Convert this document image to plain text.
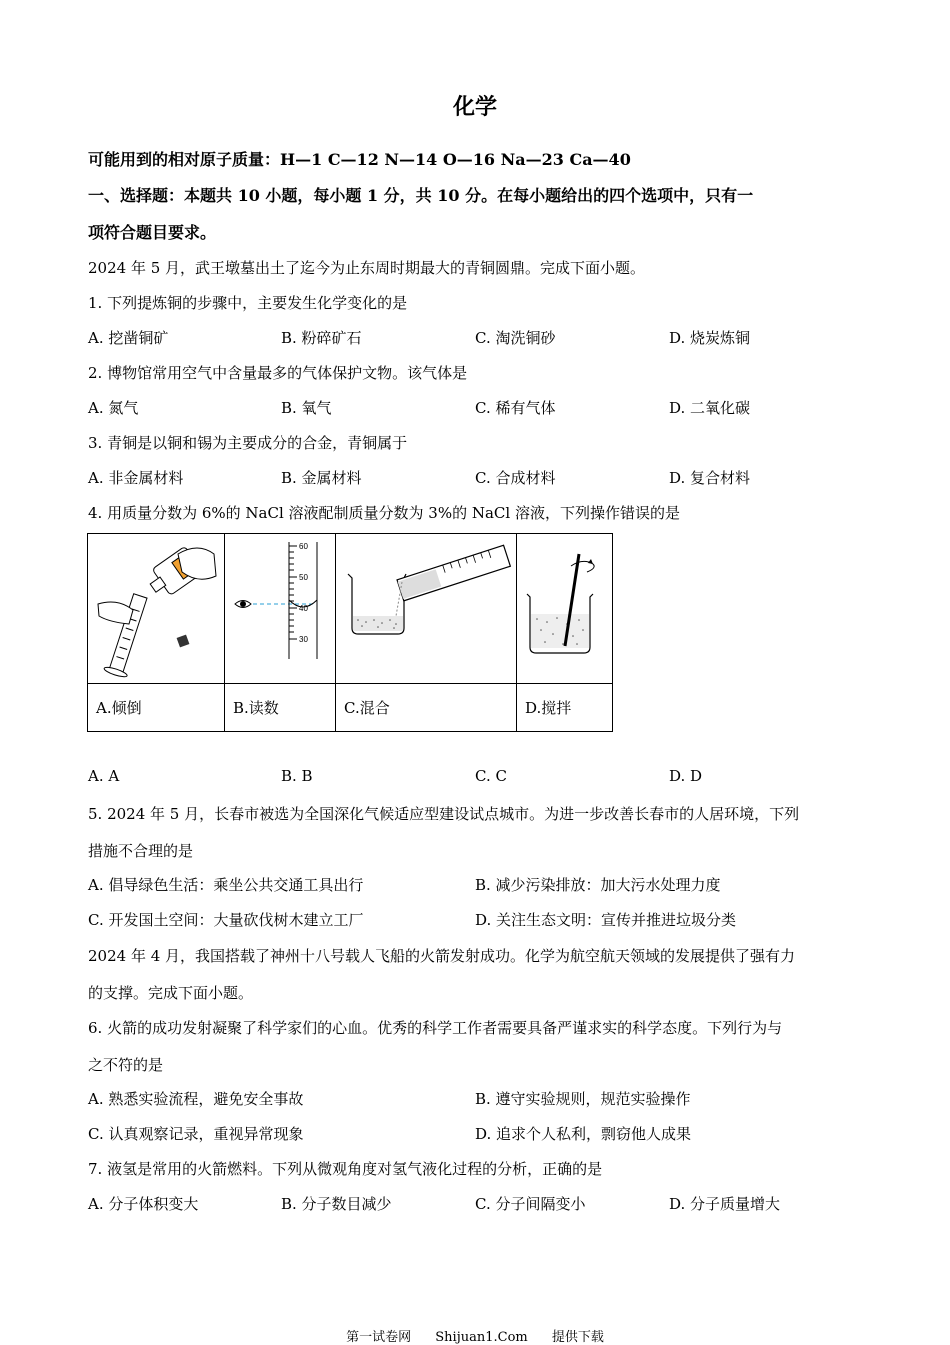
化学
可能用到的相对原子质量：H—1 C—12 N—14 O—16 Na—23 Ca—40
一、选择题：本题共 10 小题，每小题 1 分，共 10 分。在每小题给出的四个选项中，只有一
项符合题目要求。
2024 年 5 月，武王墩墓出土了迄今为止东周时期最大的青铜圆鼎。完成下面小题。
1. 下列提炼铜的步骤中，主要发生化学变化的是
A. 挖凿铜矿	B. 粉碎矿石	C. 淘洗铜砂	D. 烧炭炼铜
2. 博物馆常用空气中含量最多的气体保护文物。该气体是
A. 氮气	B. 氧气	C. 稀有气体	D. 二氧化碳
3. 青铜是以铜和锡为主要成分的合金，青铜属于
A. 非金属材料	B. 金属材料	C. 合成材料	D. 复合材料
4. 用质量分数为 6%的 NaCl 溶液配制质量分数为 3%的 NaCl 溶液，下列操作错误的是

60
50
40
30

A.倾倒	B.读数	C.混合	D.搅拌
A. A	B. B	C. C	D. D
5. 2024 年 5 月，长春市被选为全国深化气候适应型建设试点城市。为进一步改善长春市的人居环境，下列
措施不合理的是
A. 倡导绿色生活：乘坐公共交通工具出行	B. 减少污染排放：加大污水处理力度
C. 开发国土空间：大量砍伐树木建立工厂	D. 关注生态文明：宣传并推进垃圾分类
2024 年 4 月，我国搭载了神州十八号载人飞船的火箭发射成功。化学为航空航天领域的发展提供了强有力
的支撑。完成下面小题。
6. 火箭的成功发射凝聚了科学家们的心血。优秀的科学工作者需要具备严谨求实的科学态度。下列行为与
之不符的是
A. 熟悉实验流程，避免安全事故	B. 遵守实验规则，规范实验操作
C. 认真观察记录，重视异常现象	D. 追求个人私利，剽窃他人成果
7. 液氢是常用的火箭燃料。下列从微观角度对氢气液化过程的分析，正确的是
A. 分子体积变大	B. 分子数目减少	C. 分子间隔变小	D. 分子质量增大
第一试卷网 Shijuan1.Com 提供下载
